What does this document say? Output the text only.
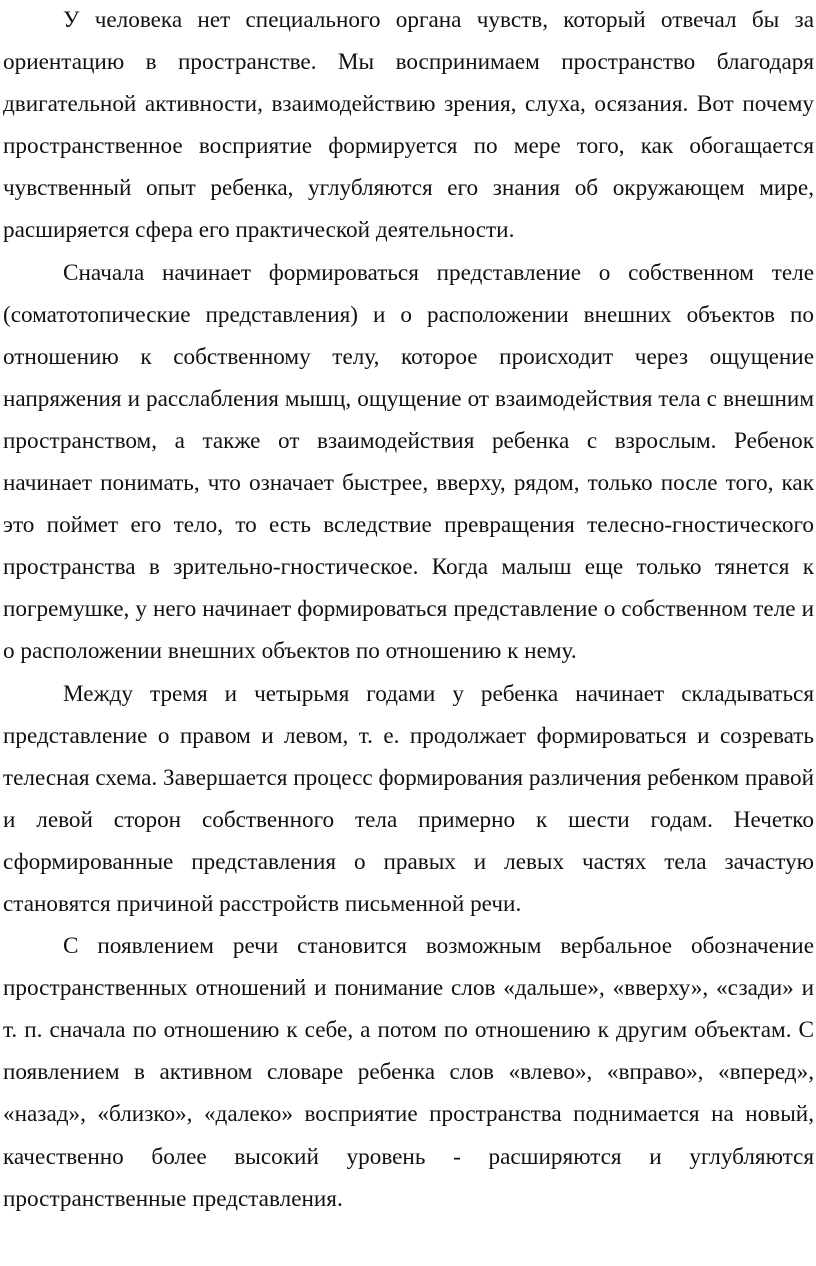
У человека нет специального органа чувств, который отвечал бы за ориентацию в пространстве. Мы воспринимаем пространство благодаря двигательной активности, взаимодействию зрения, слуха, осязания. Вот почему пространственное восприятие формируется по мере того, как обогащается чувственный опыт ребенка, углубляются его знания об окружающем мире, расширяется сфера его практической деятельности.

Сначала начинает формироваться представление о собственном теле (соматотопические представления) и о расположении внешних объектов по отношению к собственному телу, которое происходит через ощущение напряжения и расслабления мышц, ощущение от взаимодействия тела с внешним пространством, а также от взаимодействия ребенка с взрослым. Ребенок начинает понимать, что означает быстрее, вверху, рядом, только после того, как это поймет его тело, то есть вследствие превращения телесно-гностического пространства в зрительно-гностическое. Когда малыш еще только тянется к погремушке, у него начинает формироваться представление о собственном теле и о расположении внешних объектов по отношению к нему.

Между тремя и четырьмя годами у ребенка начинает складываться представление о правом и левом, т. е. продолжает формироваться и созревать телесная схема. Завершается процесс формирования различения ребенком правой и левой сторон собственного тела примерно к шести годам. Нечетко сформированные представления о правых и левых частях тела зачастую становятся причиной расстройств письменной речи.

С появлением речи становится возможным вербальное обозначение пространственных отношений и понимание слов «дальше», «вверху», «сзади» и т. п. сначала по отношению к себе, а потом по отношению к другим объектам. С появлением в активном словаре ребенка слов «влево», «вправо», «вперед», «назад», «близко», «далеко» восприятие пространства поднимается на новый, качественно более высокий уровень - расширяются и углубляются пространственные представления.
